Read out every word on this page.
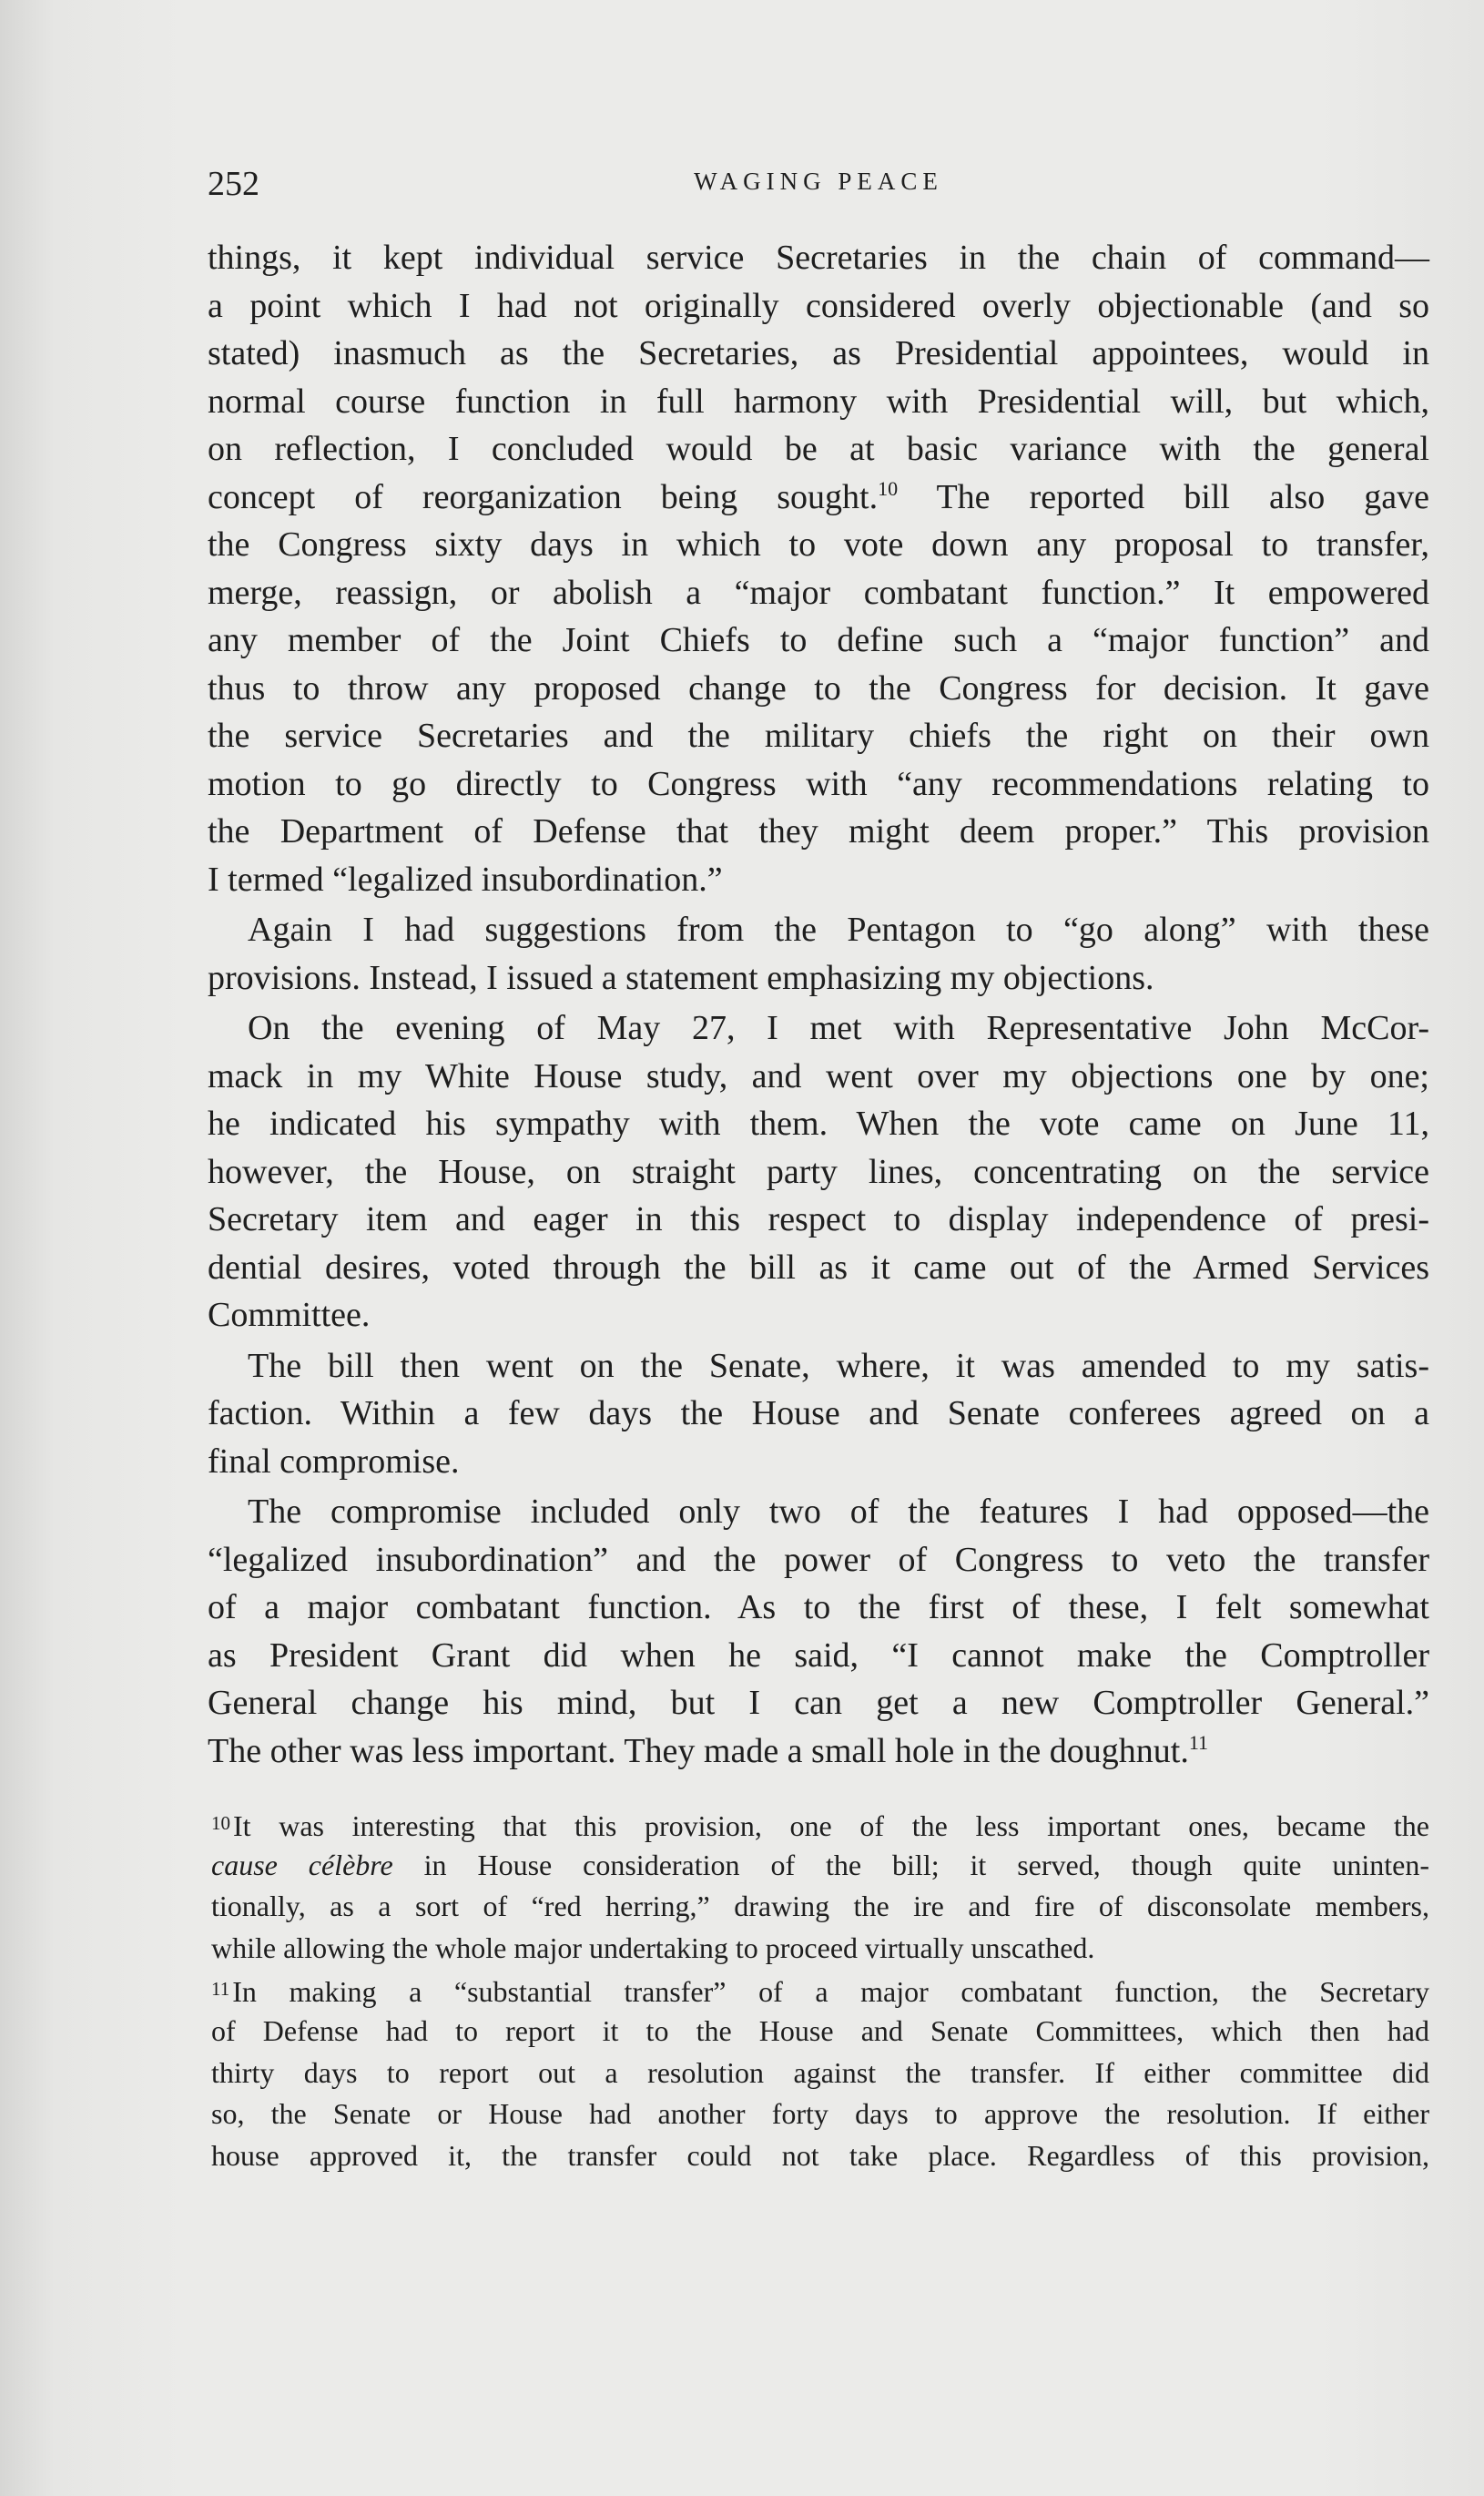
252	WAGING PEACE
things, it kept individual service Secretaries in the chain of command—
a point which I had not originally considered overly objectionable (and so
stated) inasmuch as the Secretaries, as Presidential appointees, would in
normal course function in full harmony with Presidential will, but which,
on reflection, I concluded would be at basic variance with the general
concept of reorganization being sought.$^{10}$ The reported bill also gave
the Congress sixty days in which to vote down any proposal to transfer,
merge, reassign, or abolish a “major combatant function.” It empowered
any member of the Joint Chiefs to define such a “major function” and
thus to throw any proposed change to the Congress for decision. It gave
the service Secretaries and the military chiefs the right on their own
motion to go directly to Congress with “any recommendations relating to
the Department of Defense that they might deem proper.” This provision
I termed “legalized insubordination.”
Again I had suggestions from the Pentagon to “go along” with these
provisions. Instead, I issued a statement emphasizing my objections.
On the evening of May 27, I met with Representative John McCor-
mack in my White House study, and went over my objections one by one;
he indicated his sympathy with them. When the vote came on June 11,
however, the House, on straight party lines, concentrating on the service
Secretary item and eager in this respect to display independence of presi-
dential desires, voted through the bill as it came out of the Armed Services
Committee.
The bill then went on the Senate, where, it was amended to my satis-
faction. Within a few days the House and Senate conferees agreed on a
final compromise.
The compromise included only two of the features I had opposed—the
“legalized insubordination” and the power of Congress to veto the transfer
of a major combatant function. As to the first of these, I felt somewhat
as President Grant did when he said, “I cannot make the Comptroller
General change his mind, but I can get a new Comptroller General.”
The other was less important. They made a small hole in the doughnut.$^{11}$
$^{10}$It was interesting that this provision, one of the less important ones, became the
cause célèbre in House consideration of the bill; it served, though quite uninten-
tionally, as a sort of “red herring,” drawing the ire and fire of disconsolate members,
while allowing the whole major undertaking to proceed virtually unscathed.
$^{11}$In making a “substantial transfer” of a major combatant function, the Secretary
of Defense had to report it to the House and Senate Committees, which then had
thirty days to report out a resolution against the transfer. If either committee did
so, the Senate or House had another forty days to approve the resolution. If either
house approved it, the transfer could not take place. Regardless of this provision,
